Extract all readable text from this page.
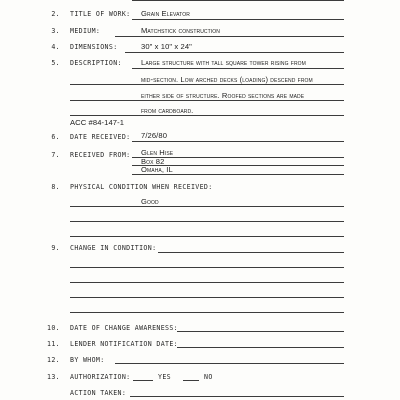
2. TITLE OF WORK: Grain Elevator
3. MEDIUM:	Matchstick construction
4. DIMENSIONS:	30" x 10" x 24"
5. DESCRIPTION:	Large structure with tall square tower rising from
mid-section. Low arched decks (loading) descend from
either side of structure. Roofed sections are made
from cardboard.
ACC #84-147-1
6. DATE RECEIVED: 7/26/80
7. RECEIVED FROM: Glen Hise
Box 82
Omaha, IL
8. PHYSICAL CONDITION WHEN RECEIVED:
Good
9. CHANGE IN CONDITION:
10. DATE OF CHANGE AWARENESS:
11. LENDER NOTIFICATION DATE:
12. BY WHOM:
13. AUTHORIZATION:	YES	NO
ACTION TAKEN:
